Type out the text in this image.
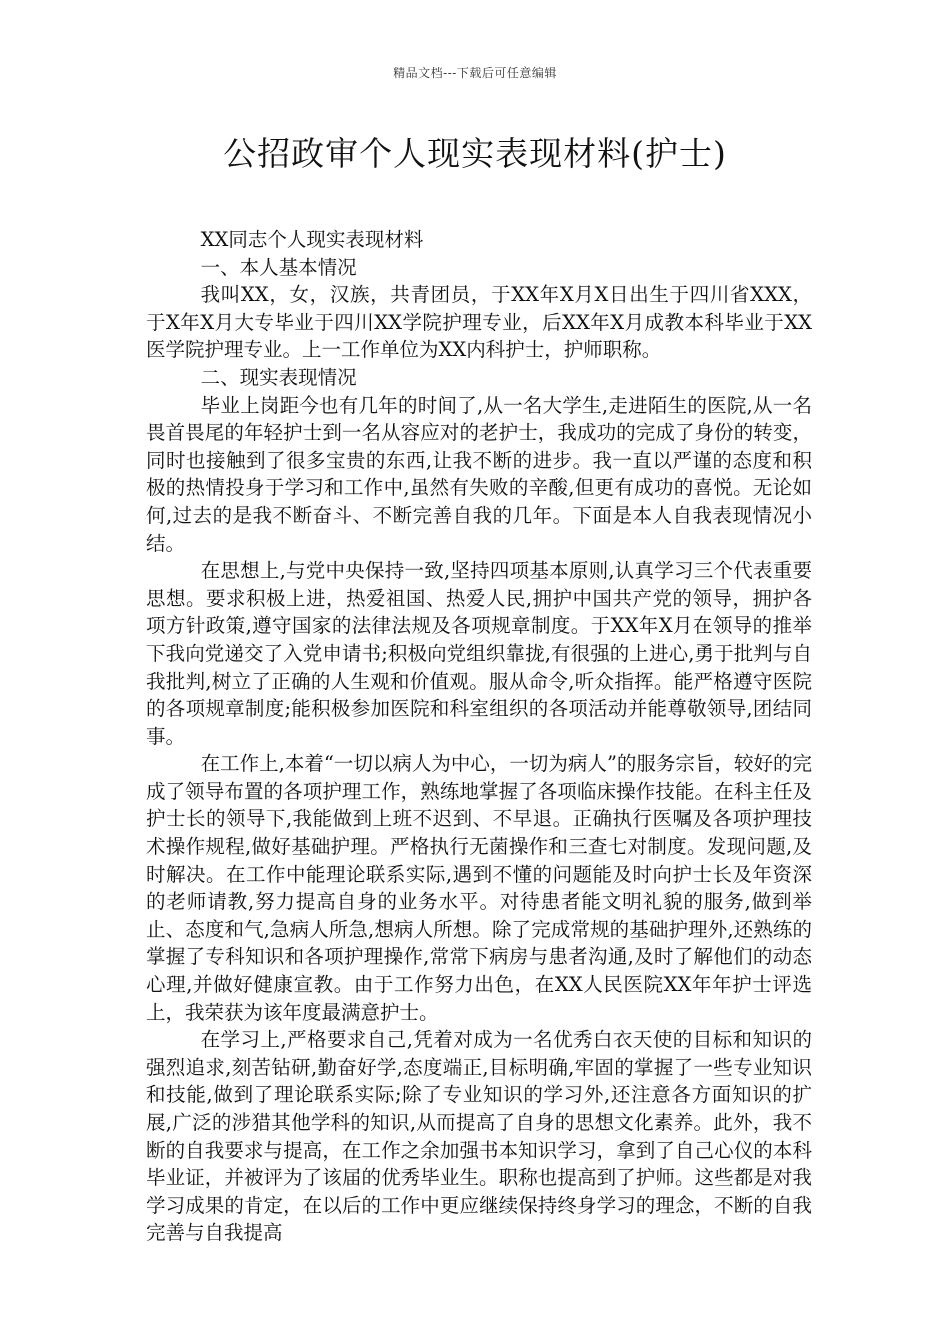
精品文档---下载后可任意编辑
公招政审个人现实表现材料(护士)

XX同志个人现实表现材料

一、本人基本情况

我叫XX，女，汉族，共青团员，于XX年X月X日出生于四川省XXX，于X年X月大专毕业于四川XX学院护理专业，后XX年X月成教本科毕业于XX医学院护理专业。上一工作单位为XX内科护士，护师职称。

二、现实表现情况

毕业上岗距今也有几年的时间了,从一名大学生,走进陌生的医院,从一名畏首畏尾的年轻护士到一名从容应对的老护士，我成功的完成了身份的转变，同时也接触到了很多宝贵的东西,让我不断的进步。我一直以严谨的态度和积极的热情投身于学习和工作中,虽然有失败的辛酸,但更有成功的喜悦。无论如何,过去的是我不断奋斗、不断完善自我的几年。下面是本人自我表现情况小结。

在思想上,与党中央保持一致,坚持四项基本原则,认真学习三个代表重要思想。要求积极上进，热爱祖国、热爱人民,拥护中国共产党的领导，拥护各项方针政策,遵守国家的法律法规及各项规章制度。于XX年X月在领导的推举下我向党递交了入党申请书;积极向党组织靠拢,有很强的上进心,勇于批判与自我批判,树立了正确的人生观和价值观。服从命令,听众指挥。能严格遵守医院的各项规章制度;能积极参加医院和科室组织的各项活动并能尊敬领导,团结同事。

在工作上,本着“一切以病人为中心，一切为病人”的服务宗旨，较好的完成了领导布置的各项护理工作，熟练地掌握了各项临床操作技能。在科主任及护士长的领导下,我能做到上班不迟到、不早退。正确执行医嘱及各项护理技术操作规程,做好基础护理。严格执行无菌操作和三查七对制度。发现问题,及时解决。在工作中能理论联系实际,遇到不懂的问题能及时向护士长及年资深的老师请教,努力提高自身的业务水平。对待患者能文明礼貌的服务,做到举止、态度和气,急病人所急,想病人所想。除了完成常规的基础护理外,还熟练的掌握了专科知识和各项护理操作,常常下病房与患者沟通,及时了解他们的动态心理,并做好健康宣教。由于工作努力出色，在XX人民医院XX年年护士评选上，我荣获为该年度最满意护士。

在学习上,严格要求自己,凭着对成为一名优秀白衣天使的目标和知识的强烈追求,刻苦钻研,勤奋好学,态度端正,目标明确,牢固的掌握了一些专业知识和技能,做到了理论联系实际;除了专业知识的学习外,还注意各方面知识的扩展,广泛的涉猎其他学科的知识,从而提高了自身的思想文化素养。此外，我不断的自我要求与提高，在工作之余加强书本知识学习，拿到了自己心仪的本科毕业证，并被评为了该届的优秀毕业生。职称也提高到了护师。这些都是对我学习成果的肯定，在以后的工作中更应继续保持终身学习的理念，不断的自我完善与自我提高
